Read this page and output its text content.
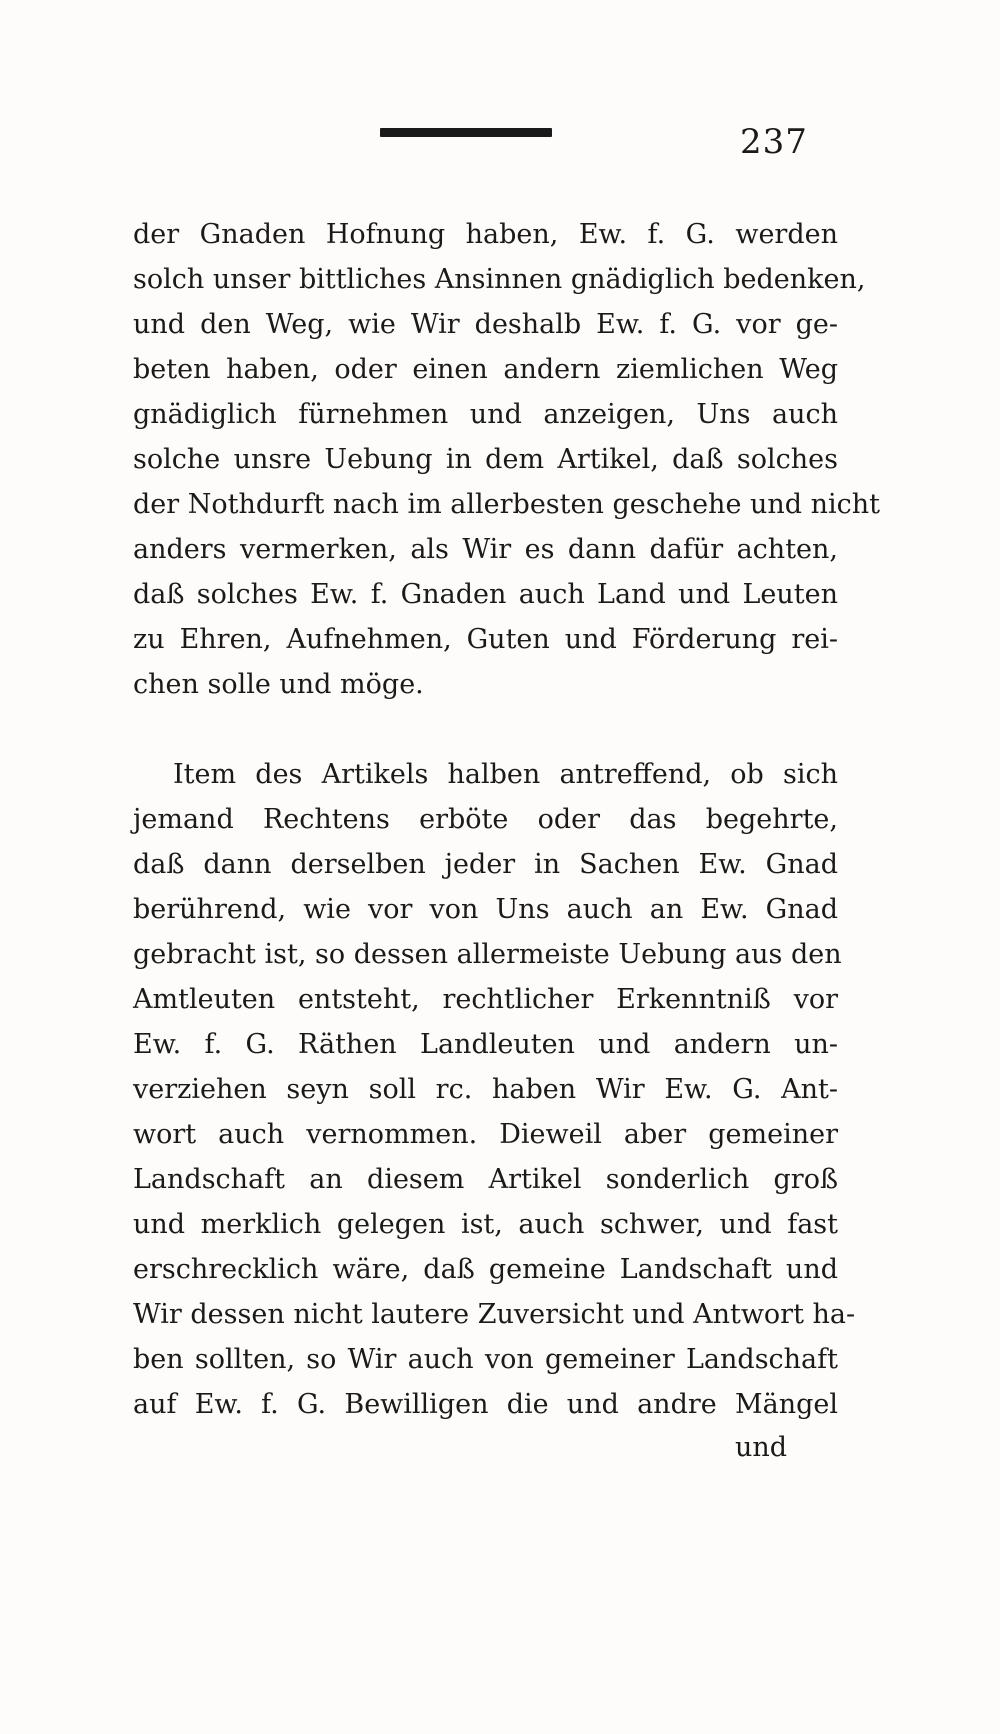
237
der Gnaden Hofnung haben, Ew. f. G. werden
solch unser bittliches Ansinnen gnädiglich bedenken,
und den Weg, wie Wir deshalb Ew. f. G. vor ge-
beten haben, oder einen andern ziemlichen Weg
gnädiglich fürnehmen und anzeigen, Uns auch
solche unsre Uebung in dem Artikel, daß solches
der Nothdurft nach im allerbesten geschehe und nicht
anders vermerken, als Wir es dann dafür achten,
daß solches Ew. f. Gnaden auch Land und Leuten
zu Ehren, Aufnehmen, Guten und Förderung rei-
chen solle und möge.
Item des Artikels halben antreffend, ob sich
jemand Rechtens erböte oder das begehrte,
daß dann derselben jeder in Sachen Ew. Gnad
berührend, wie vor von Uns auch an Ew. Gnad
gebracht ist, so dessen allermeiste Uebung aus den
Amtleuten entsteht, rechtlicher Erkenntniß vor
Ew. f. G. Räthen Landleuten und andern un-
verziehen seyn soll rc. haben Wir Ew. G. Ant-
wort auch vernommen. Dieweil aber gemeiner
Landschaft an diesem Artikel sonderlich groß
und merklich gelegen ist, auch schwer, und fast
erschrecklich wäre, daß gemeine Landschaft und
Wir dessen nicht lautere Zuversicht und Antwort ha-
ben sollten, so Wir auch von gemeiner Landschaft
auf Ew. f. G. Bewilligen die und andre Mängel
und
